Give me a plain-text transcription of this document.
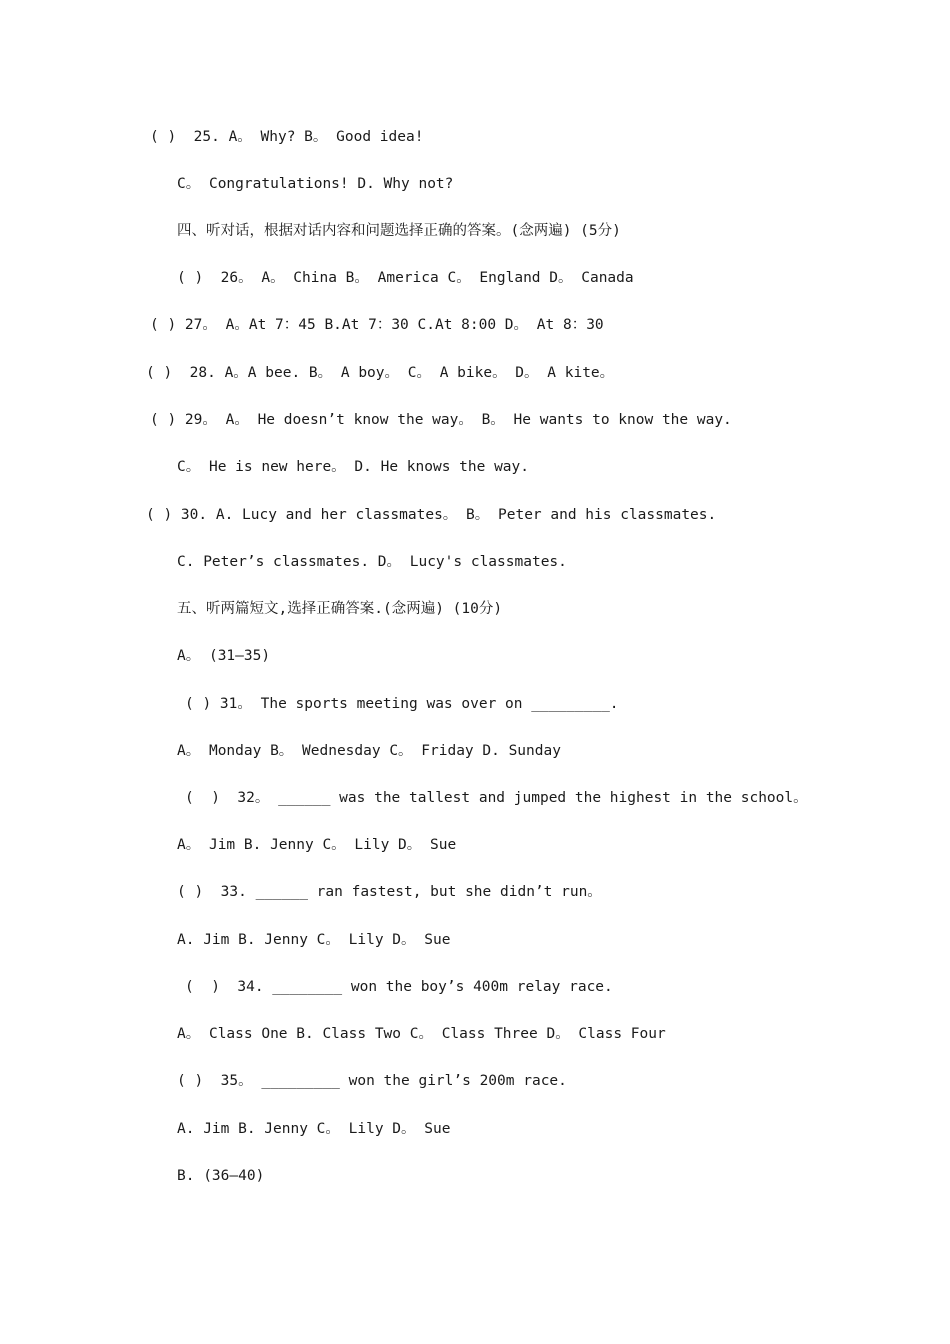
( )  25. A。 Why? B。 Good idea!
C。 Congratulations! D. Why not?
四、听对话，根据对话内容和问题选择正确的答案。(念两遍) (5分)
( )  26。 A。 China B。 America C。 England D。 Canada
( ) 27。 A。At 7：45 B.At 7：30 C.At 8:00 D。 At 8：30
( )  28. A。A bee. B。 A boy。 C。 A bike。 D。 A kite。
( ) 29。 A。 He doesn’t know the way。 B。 He wants to know the way.
C。 He is new here。 D. He knows the way.
( ) 30. A. Lucy and her classmates。 B。 Peter and his classmates.
C. Peter’s classmates. D。 Lucy's classmates.
五、听两篇短文,选择正确答案.(念两遍) (10分)
A。 (31—35)
( ) 31。 The sports meeting was over on _________.
A。 Monday B。 Wednesday C。 Friday D. Sunday
(  )  32。 ______ was the tallest and jumped the highest in the school。
A。 Jim B. Jenny C。 Lily D。 Sue
( )  33. ______ ran fastest, but she didn’t run。
A. Jim B. Jenny C。 Lily D。 Sue
(  )  34. ________ won the boy’s 400m relay race.
A。 Class One B. Class Two C。 Class Three D。 Class Four
( )  35。 _________ won the girl’s 200m race.
A. Jim B. Jenny C。 Lily D。 Sue
B. (36—40)
